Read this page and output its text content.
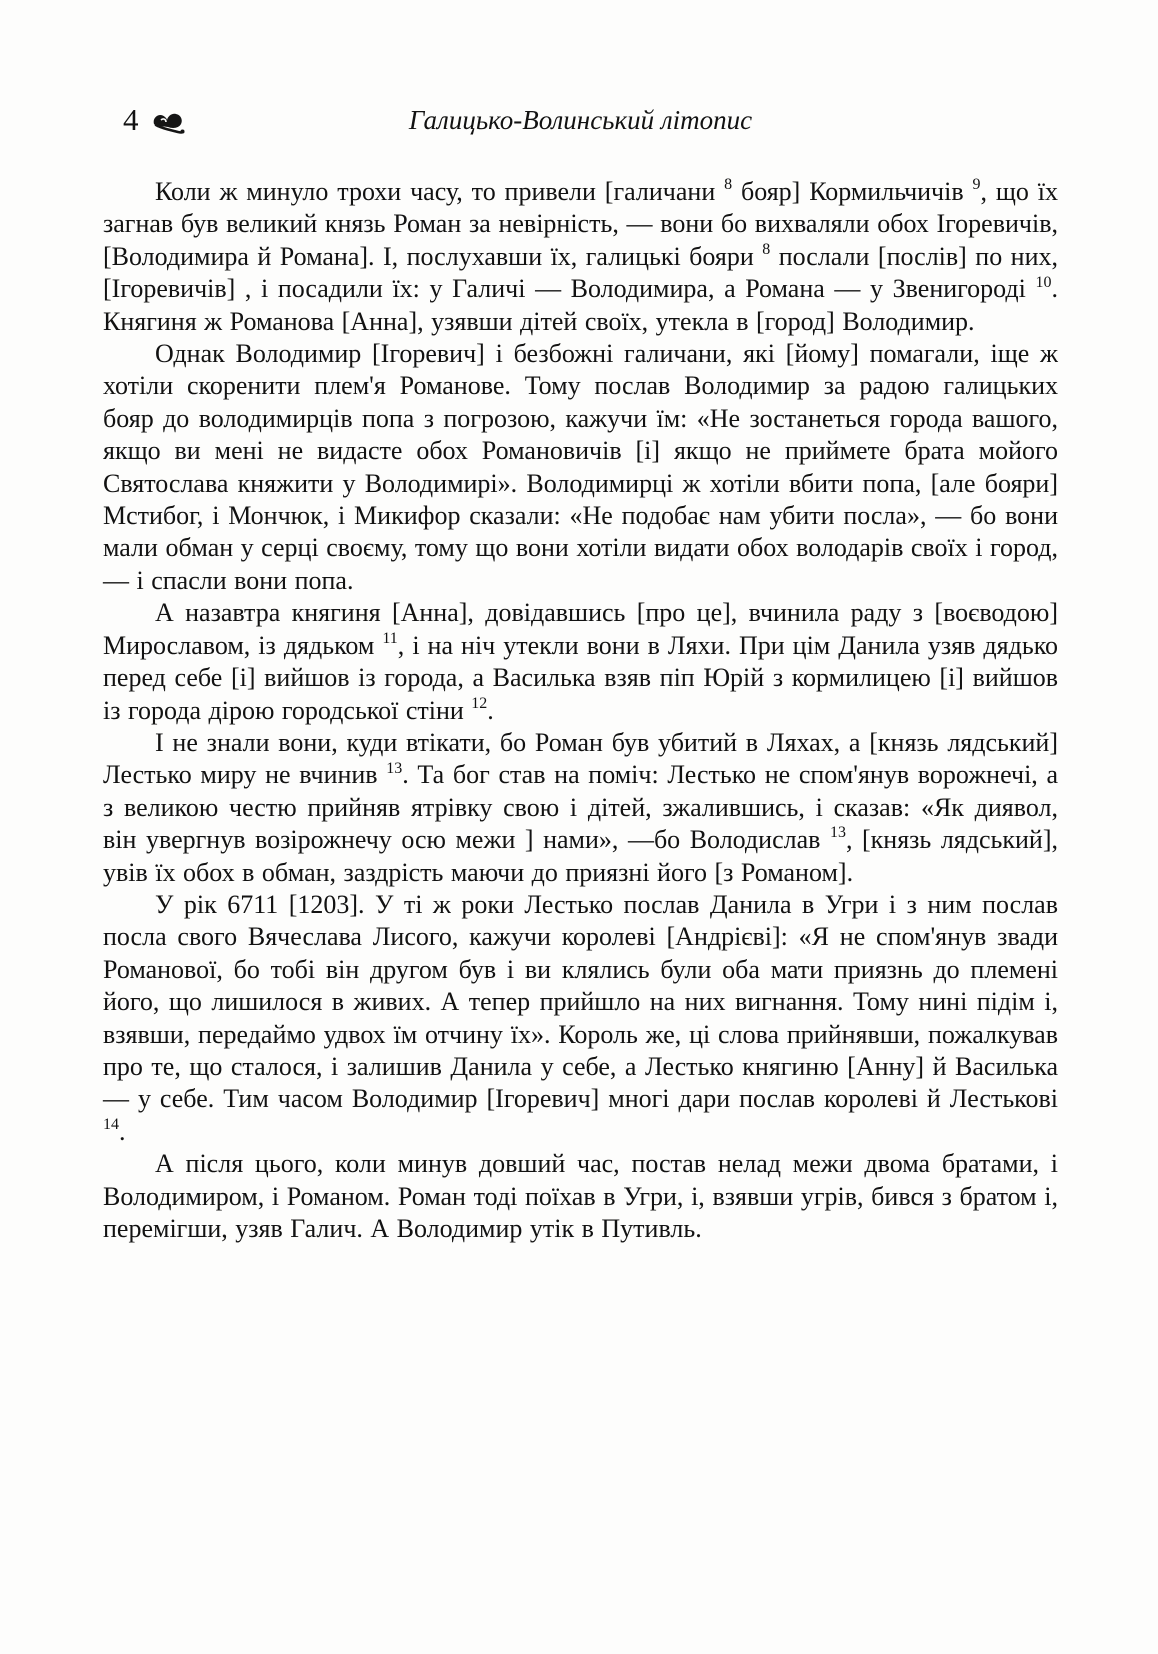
4	Галицько-Волинський літопис

Коли ж минуло трохи часу, то привели [галичани $^8$ бояр] Кормильчичів $^9$, що їх загнав був великий князь Роман за невірність, — вони бо вихваляли обох Ігоревичів, [Володимира й Романа]. І, послухавши їх, галицькі бояри $^8$ послали [послів] по них, [Ігоревичів] , і посадили їх: у Галичі — Володимира, а Романа — у Звенигороді $^{10}$. Княгиня ж Романова [Анна], узявши дітей своїх, утекла в [город] Володимир.

Однак Володимир [Ігоревич] і безбожні галичани, які [йому] помагали, іще ж хотіли скоренити плем'я Романове. Тому послав Володимир за радою галицьких бояр до володимирців попа з погрозою, кажучи їм: «Не зостанеться города вашого, якщо ви мені не видасте обох Романовичів [і] якщо не приймете брата мойого Святослава княжити у Володимирі». Володимирці ж хотіли вбити попа, [але бояри] Мстибог, і Мончюк, і Микифор сказали: «Не подобає нам убити посла», — бо вони мали обман у серці своєму, тому що вони хотіли видати обох володарів своїх і город, — і спасли вони попа.

А назавтра княгиня [Анна], довідавшись [про це], вчинила раду з [воєводою] Мирославом, із дядьком $^{11}$, і на ніч утекли вони в Ляхи. При цім Данила узяв дядько перед себе [і] вийшов із города, а Василька взяв піп Юрій з кормилицею [і] вийшов із города дірою городської стіни $^{12}$.

І не знали вони, куди втікати, бо Роман був убитий в Ляхах, а [князь лядський] Лестько миру не вчинив $^{13}$. Та бог став на поміч: Лестько не спом'янув ворожнечі, а з великою честю прийняв ятрівку свою і дітей, зжалившись, і сказав: «Як диявол, він увергнув возірожнечу осю межи ] нами», —бо Володислав $^{13}$, [князь лядський], увів їх обох в обман, заздрість маючи до приязні його [з Романом].

У рік 6711 [1203]. У ті ж роки Лестько послав Данила в Угри і з ним послав посла свого Вячеслава Лисого, кажучи королеві [Андрієві]: «Я не спом'янув звади Романової, бо тобі він другом був і ви клялись були оба мати приязнь до племені його, що лишилося в живих. А тепер прийшло на них вигнання. Тому нині підім і, взявши, передаймо удвох їм отчину їх». Король же, ці слова прийнявши, пожалкував про те, що сталося, і залишив Данила у себе, а Лестько княгиню [Анну] й Василька — у себе. Тим часом Володимир [Ігоревич] многі дари послав королеві й Лестькові $^{14}$.

А після цього, коли минув довший час, постав нелад межи двома братами, і Володимиром, і Романом. Роман тоді поїхав в Угри, і, взявши угрів, бився з братом і, перемігши, узяв Галич. А Володимир утік в Путивль.
